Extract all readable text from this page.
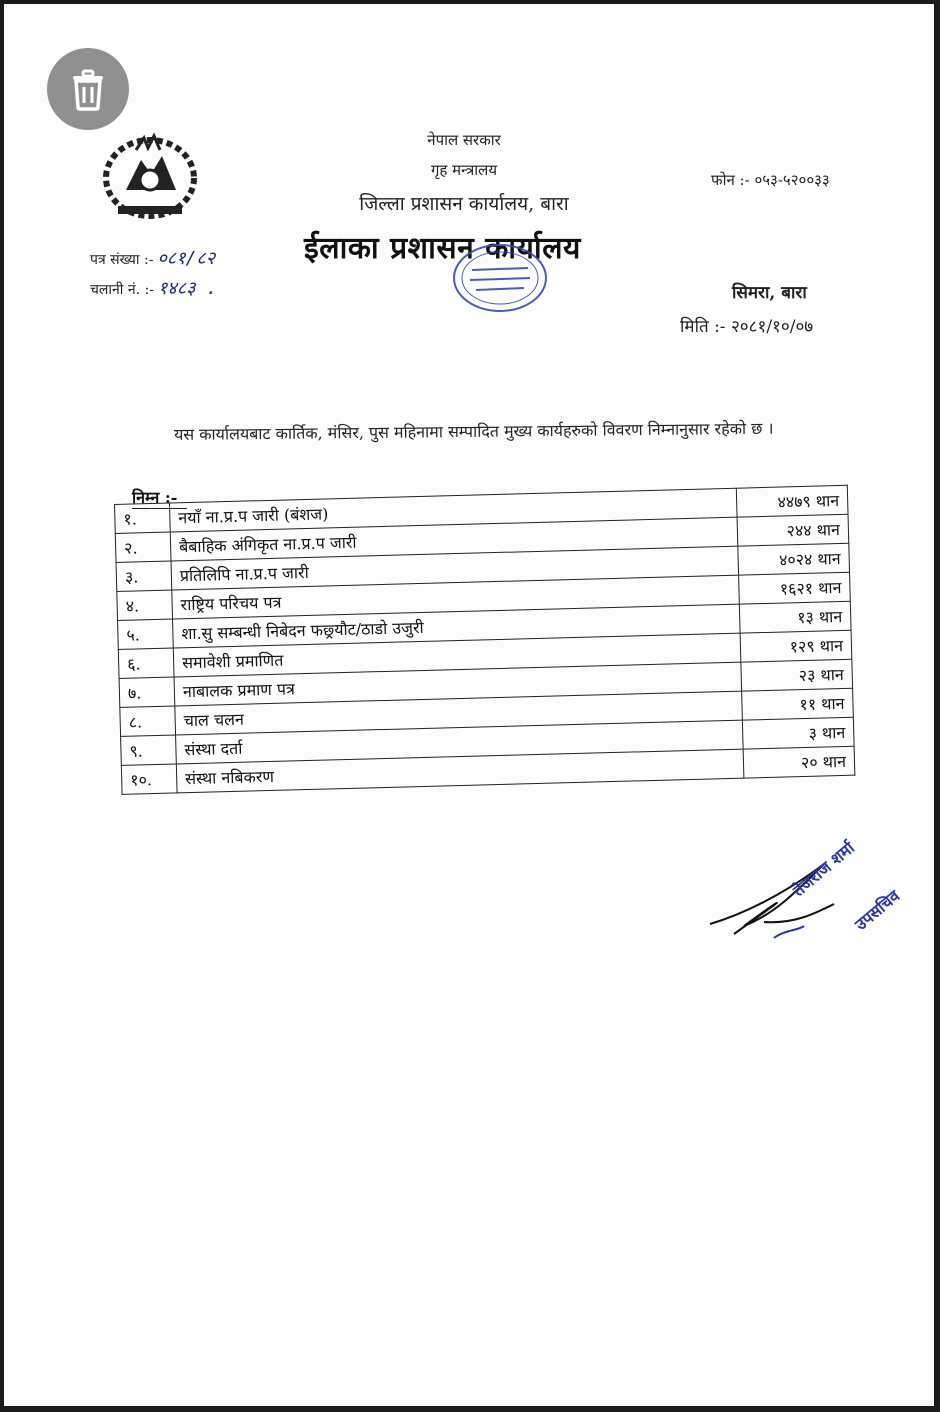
नेपाल सरकार
गृह मन्त्रालय
जिल्ला प्रशासन कार्यालय, बारा
ईलाका प्रशासन कार्यालय
फोन :- ०५३-५२००३३
पत्र संख्या :- ०८१/८२
चलानी नं. :- १४८३ .	सिमरा, बारा
मिति :- २०८१/१०/०७
यस कार्यालयबाट कार्तिक, मंसिर, पुस महिनामा सम्पादित मुख्य कार्यहरुको विवरण निम्नानुसार रहेको छ ।
निम्न :-
१.	नयाँ ना.प्र.प जारी (बंशज)	४४७९ थान
२.	बैबाहिक अंगिकृत ना.प्र.प जारी	२४४ थान
३.	प्रतिलिपि ना.प्र.प जारी	४०२४ थान
४.	राष्ट्रिय परिचय पत्र	१६२१ थान
५.	शा.सु सम्बन्धी निबेदन फछ्र्यौट/ठाडो उजुरी	१३ थान
६.	समावेशी प्रमाणित	१२९ थान
७.	नाबालक प्रमाण पत्र	२३ थान
८.	चाल चलन	११ थान
९.	संस्था दर्ता	३ थान
१०.	संस्था नबिकरण	२० थान
तेजराज शर्मा
उपसचिव
